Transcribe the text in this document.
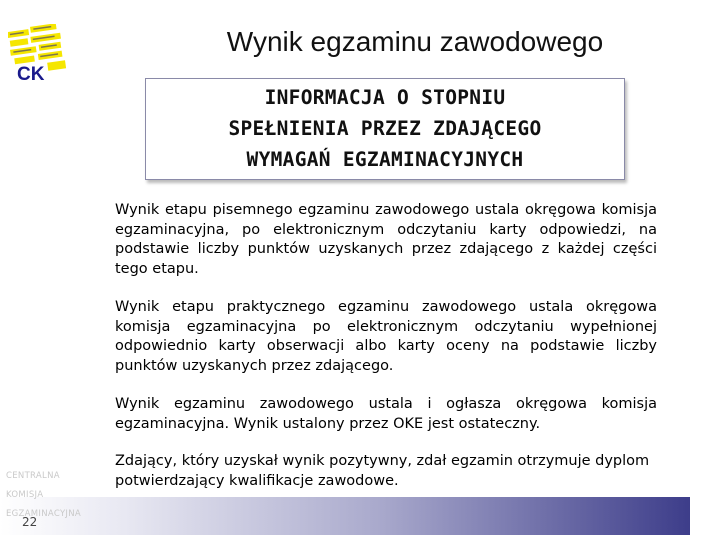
CK
Wynik egzaminu zawodowego
INFORMACJA O STOPNIU
SPEŁNIENIA PRZEZ ZDAJĄCEGO
WYMAGAŃ EGZAMINACYJNYCH

Wynik etapu pisemnego egzaminu zawodowego ustala okręgowa komisja egzaminacyjna, po elektronicznym odczytaniu karty odpowiedzi, na podstawie liczby punktów uzyskanych przez zdającego z każdej części tego etapu.

Wynik etapu praktycznego egzaminu zawodowego ustala okręgowa komisja egzaminacyjna po elektronicznym odczytaniu wypełnionej odpowiednio karty obserwacji albo karty oceny na podstawie liczby punktów uzyskanych przez zdającego.

Wynik egzaminu zawodowego ustala i ogłasza okręgowa komisja egzaminacyjna. Wynik ustalony przez OKE jest ostateczny.

Zdający, który uzyskał wynik pozytywny, zdał egzamin otrzymuje dyplom potwierdzający kwalifikacje zawodowe.

CENTRALNA
KOMISJA
EGZAMINACYJNA
22
